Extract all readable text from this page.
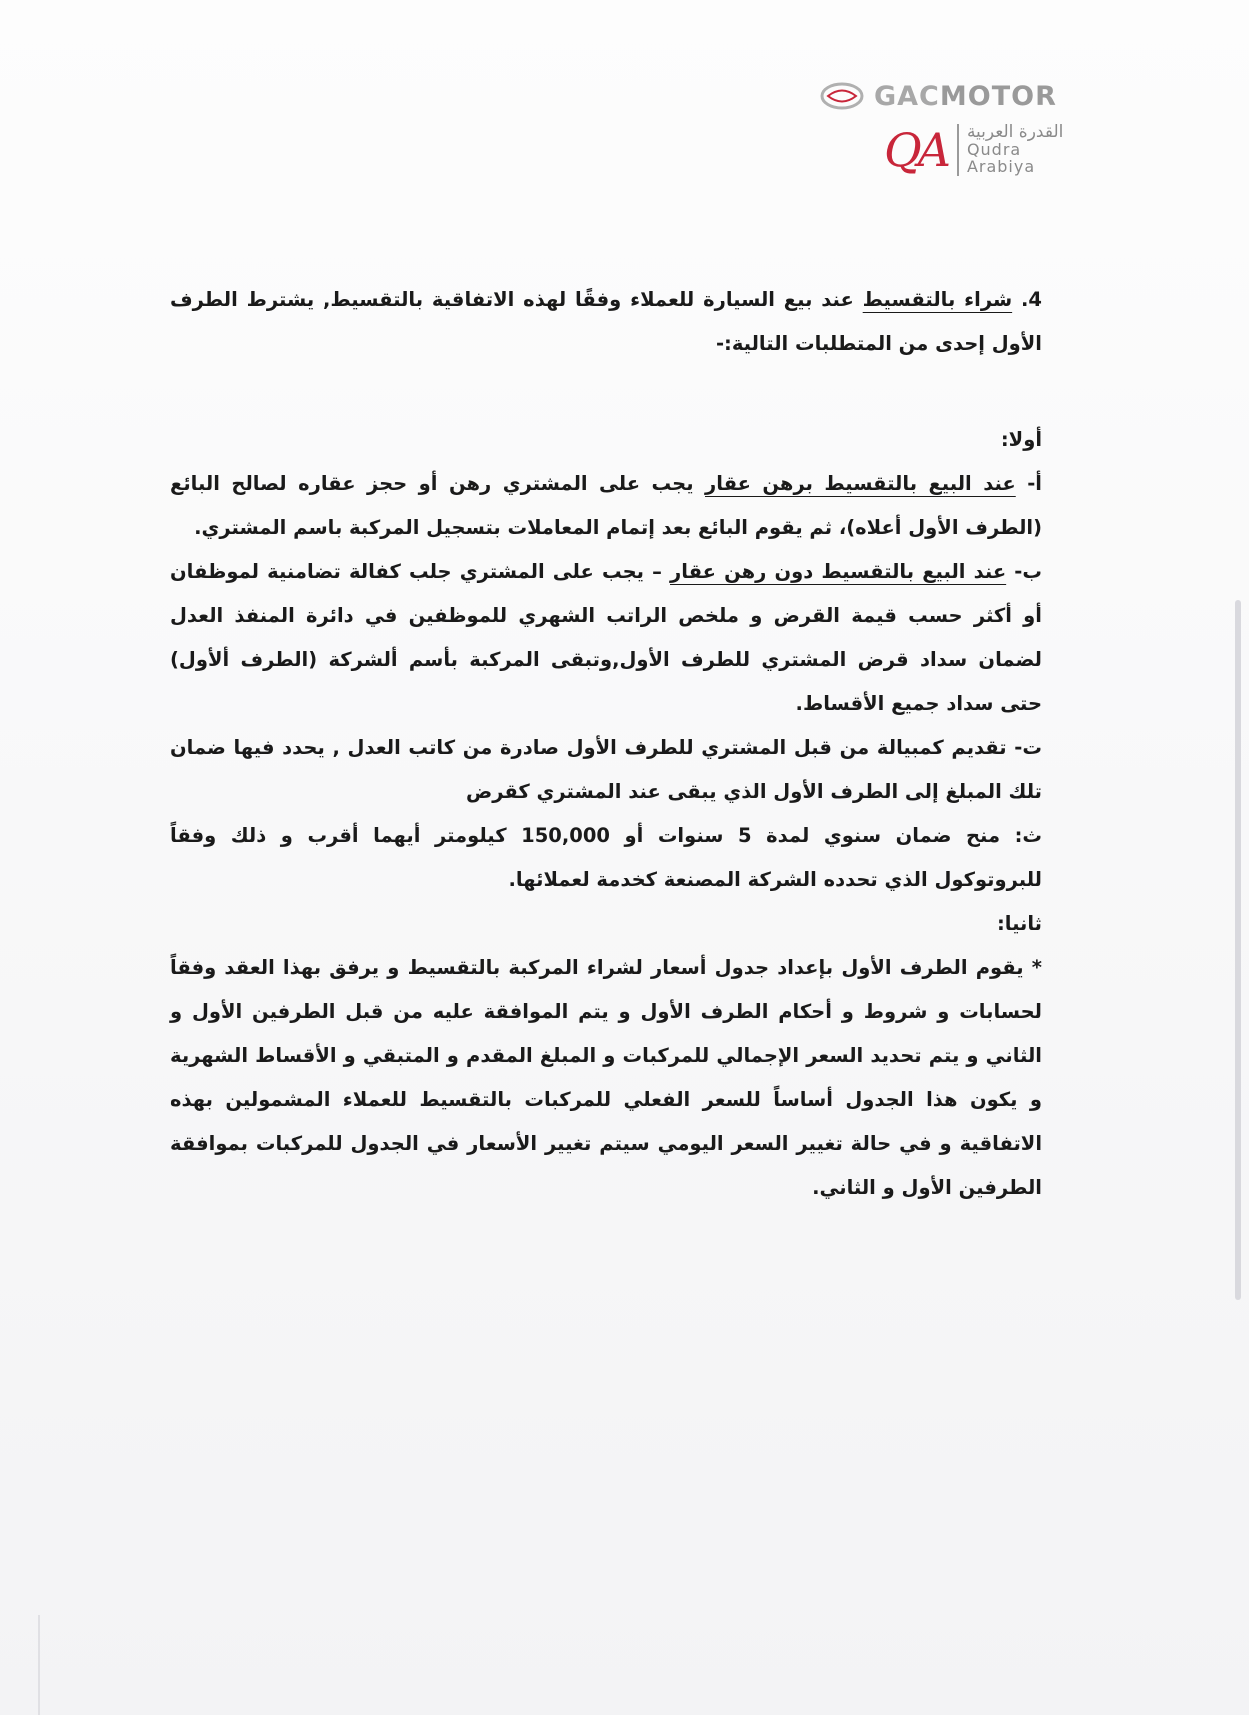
GACMOTOR
QA القدرة العربية
Qudra Arabiya

4. شراء بالتقسيط عند بيع السيارة للعملاء وفقًا لهذه الاتفاقية بالتقسيط, يشترط الطرف الأول إحدى من المتطلبات التالية:-

أولا:

أ- عند البيع بالتقسيط برهن عقار يجب على المشتري رهن أو حجز عقاره لصالح البائع (الطرف الأول أعلاه)، ثم يقوم البائع بعد إتمام المعاملات بتسجيل المركبة باسم المشتري.

ب- عند البيع بالتقسيط دون رهن عقار – يجب على المشتري جلب كفالة تضامنية لموظفان أو أكثر حسب قيمة القرض و ملخص الراتب الشهري للموظفين في دائرة المنفذ العدل لضمان سداد قرض المشتري للطرف الأول,وتبقى المركبة بأسم ألشركة (الطرف ألأول) حتى سداد جميع الأقساط.

ت- تقديم كمبيالة من قبل المشتري للطرف الأول صادرة من كاتب العدل , يحدد فيها ضمان تلك المبلغ إلى الطرف الأول الذي يبقى عند المشتري كقرض

ث: منح ضمان سنوي لمدة 5 سنوات أو 150,000 كيلومتر أيهما أقرب و ذلك وفقاً للبروتوكول الذي تحدده الشركة المصنعة كخدمة لعملائها.

ثانيا:

* يقوم الطرف الأول بإعداد جدول أسعار لشراء المركبة بالتقسيط و يرفق بهذا العقد وفقاً لحسابات و شروط و أحكام الطرف الأول و يتم الموافقة عليه من قبل الطرفين الأول و الثاني و يتم تحديد السعر الإجمالي للمركبات و المبلغ المقدم و المتبقي و الأقساط الشهرية و يكون هذا الجدول أساساً للسعر الفعلي للمركبات بالتقسيط للعملاء المشمولين بهذه الاتفاقية و في حالة تغيير السعر اليومي سيتم تغيير الأسعار في الجدول للمركبات بموافقة الطرفين الأول و الثاني.
